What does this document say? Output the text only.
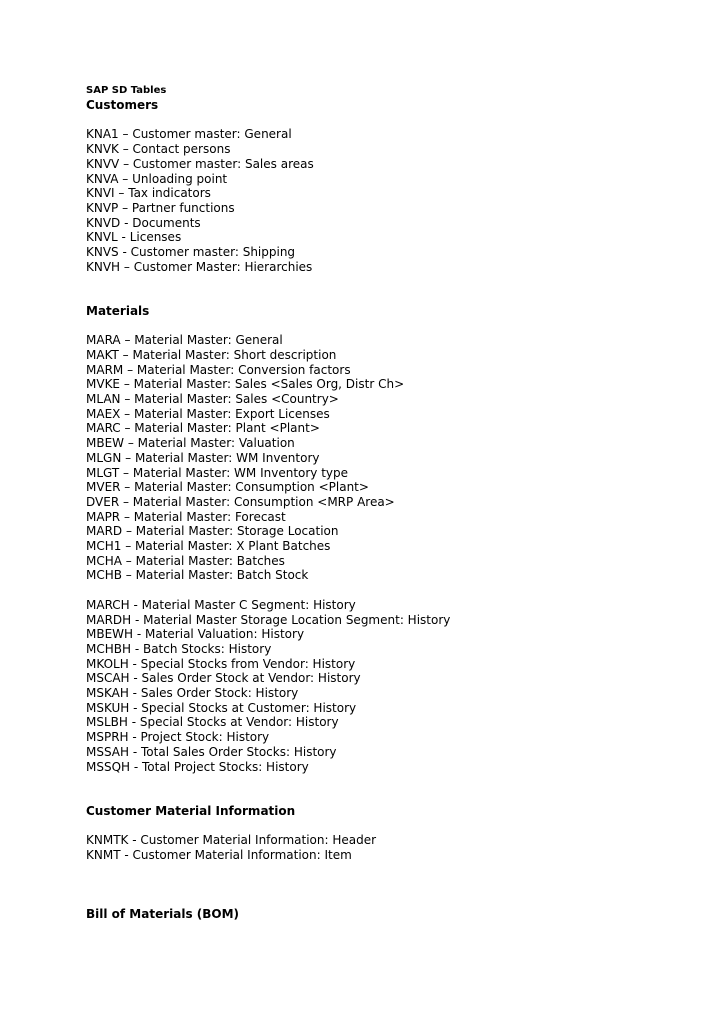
SAP SD Tables

Customers
KNA1 – Customer master: General
KNVK – Contact persons
KNVV – Customer master: Sales areas
KNVA – Unloading point
KNVI – Tax indicators
KNVP – Partner functions
KNVD - Documents
KNVL - Licenses
KNVS - Customer master: Shipping
KNVH – Customer Master: Hierarchies
Materials
MARA – Material Master: General
MAKT – Material Master: Short description
MARM – Material Master: Conversion factors
MVKE – Material Master: Sales <Sales Org, Distr Ch>
MLAN – Material Master: Sales <Country>
MAEX – Material Master: Export Licenses
MARC – Material Master: Plant <Plant>
MBEW – Material Master: Valuation
MLGN – Material Master: WM Inventory
MLGT – Material Master: WM Inventory type
MVER – Material Master: Consumption <Plant>
DVER – Material Master: Consumption <MRP Area>
MAPR – Material Master: Forecast
MARD – Material Master: Storage Location
MCH1 – Material Master: X Plant Batches
MCHA – Material Master: Batches
MCHB – Material Master: Batch Stock
MARCH - Material Master C Segment: History
MARDH - Material Master Storage Location Segment: History
MBEWH - Material Valuation: History
MCHBH - Batch Stocks: History
MKOLH - Special Stocks from Vendor: History
MSCAH - Sales Order Stock at Vendor: History
MSKAH - Sales Order Stock: History
MSKUH - Special Stocks at Customer: History
MSLBH - Special Stocks at Vendor: History
MSPRH - Project Stock: History
MSSAH - Total Sales Order Stocks: History
MSSQH - Total Project Stocks: History
Customer Material Information
KNMTK - Customer Material Information: Header
KNMT - Customer Material Information: Item
Bill of Materials (BOM)
